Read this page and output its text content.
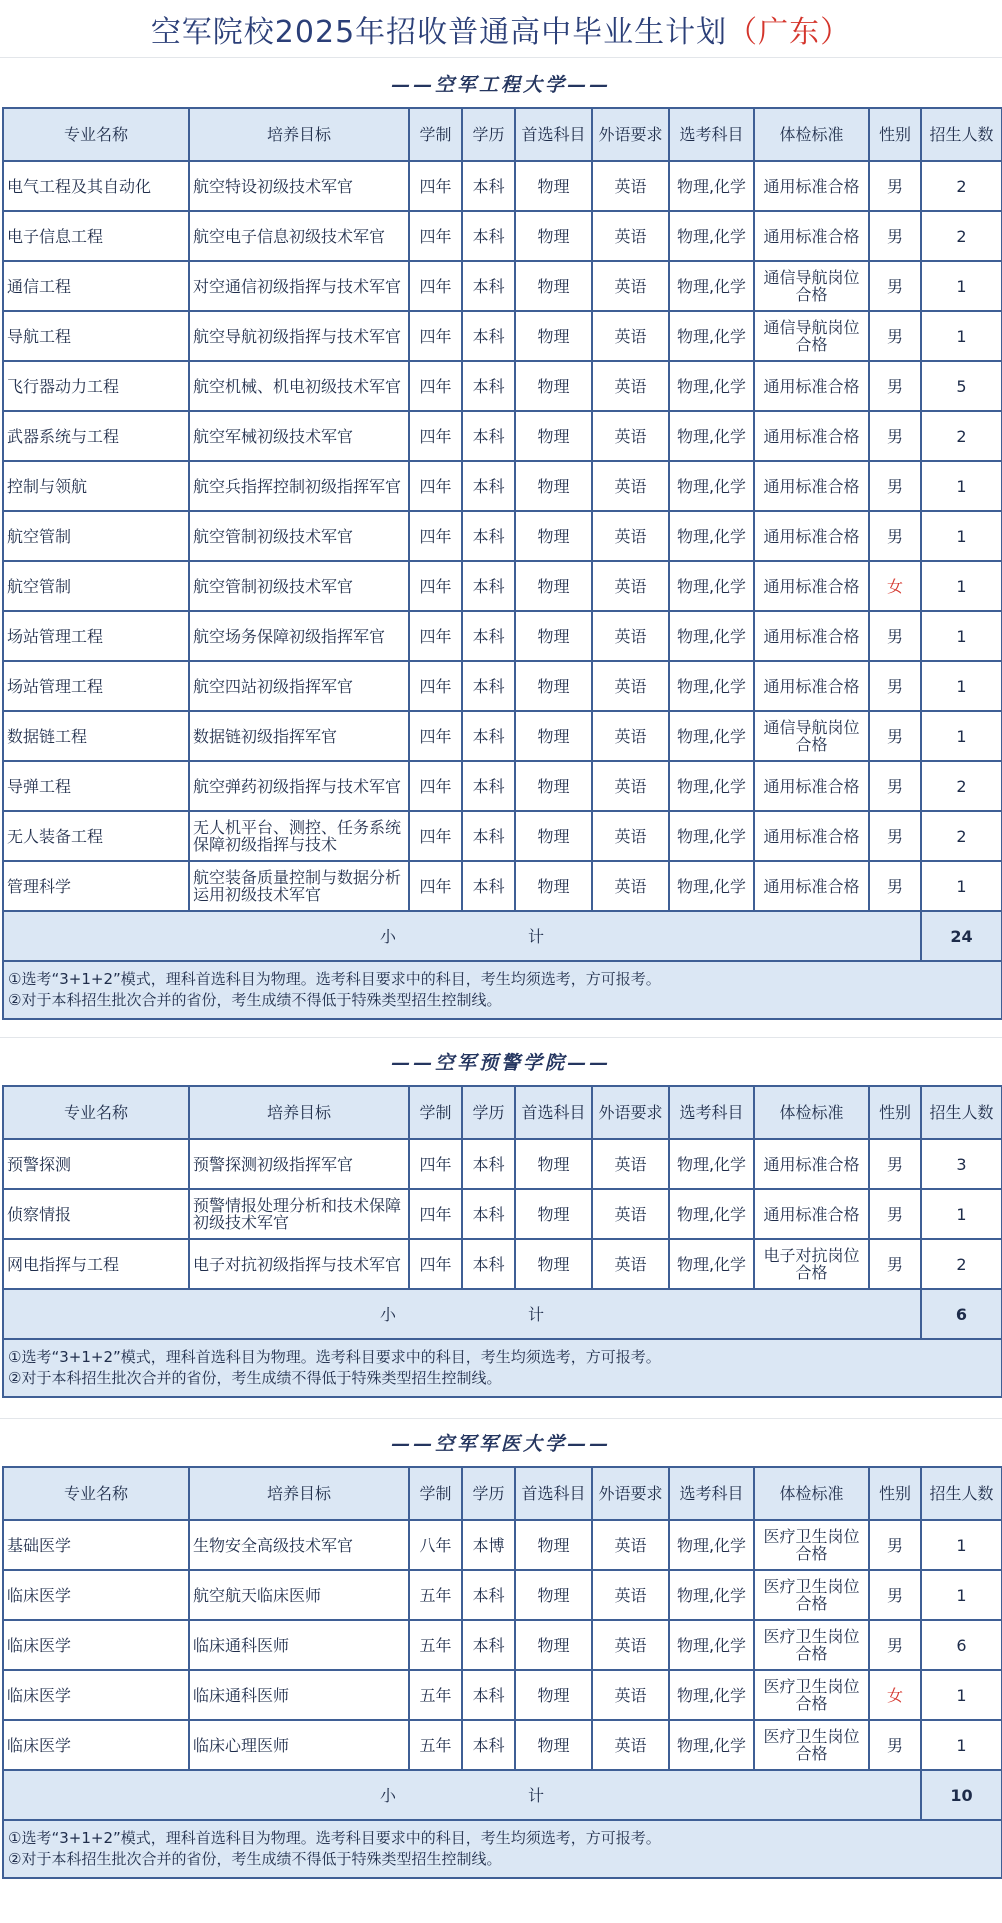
空军院校2025年招收普通高中毕业生计划 （广东）
——空军工程大学——
专业名称	培养目标	学制	学历	首选科目	外语要求	选考科目	体检标准	性别	招生人数
电气工程及其自动化	航空特设初级技术军官	四年	本科	物理	英语	物理,化学	通用标准合格	男	2
电子信息工程	航空电子信息初级技术军官	四年	本科	物理	英语	物理,化学	通用标准合格	男	2
通信工程	对空通信初级指挥与技术军官	四年	本科	物理	英语	物理,化学	通信导航岗位合格	男	1
导航工程	航空导航初级指挥与技术军官	四年	本科	物理	英语	物理,化学	通信导航岗位合格	男	1
飞行器动力工程	航空机械、机电初级技术军官	四年	本科	物理	英语	物理,化学	通用标准合格	男	5
武器系统与工程	航空军械初级技术军官	四年	本科	物理	英语	物理,化学	通用标准合格	男	2
控制与领航	航空兵指挥控制初级指挥军官	四年	本科	物理	英语	物理,化学	通用标准合格	男	1
航空管制	航空管制初级技术军官	四年	本科	物理	英语	物理,化学	通用标准合格	男	1
航空管制	航空管制初级技术军官	四年	本科	物理	英语	物理,化学	通用标准合格	女	1
场站管理工程	航空场务保障初级指挥军官	四年	本科	物理	英语	物理,化学	通用标准合格	男	1
场站管理工程	航空四站初级指挥军官	四年	本科	物理	英语	物理,化学	通用标准合格	男	1
数据链工程	数据链初级指挥军官	四年	本科	物理	英语	物理,化学	通信导航岗位合格	男	1
导弹工程	航空弹药初级指挥与技术军官	四年	本科	物理	英语	物理,化学	通用标准合格	男	2
无人装备工程	无人机平台、测控、任务系统保障初级指挥与技术	四年	本科	物理	英语	物理,化学	通用标准合格	男	2
管理科学	航空装备质量控制与数据分析运用初级技术军官	四年	本科	物理	英语	物理,化学	通用标准合格	男	1
小 计									24

①选考“3+1+2”模式，理科首选科目为物理。选考科目要求中的科目，考生均须选考，方可报考。
②对于本科招生批次合并的省份，考生成绩不得低于特殊类型招生控制线。									
——空军预警学院——
专业名称	培养目标	学制	学历	首选科目	外语要求	选考科目	体检标准	性别	招生人数
预警探测	预警探测初级指挥军官	四年	本科	物理	英语	物理,化学	通用标准合格	男	3
侦察情报	预警情报处理分析和技术保障初级技术军官	四年	本科	物理	英语	物理,化学	通用标准合格	男	1
网电指挥与工程	电子对抗初级指挥与技术军官	四年	本科	物理	英语	物理,化学	电子对抗岗位合格	男	2
小 计									6

①选考“3+1+2”模式，理科首选科目为物理。选考科目要求中的科目，考生均须选考，方可报考。
②对于本科招生批次合并的省份，考生成绩不得低于特殊类型招生控制线。									
——空军军医大学——
专业名称	培养目标	学制	学历	首选科目	外语要求	选考科目	体检标准	性别	招生人数
基础医学	生物安全高级技术军官	八年	本博	物理	英语	物理,化学	医疗卫生岗位合格	男	1
临床医学	航空航天临床医师	五年	本科	物理	英语	物理,化学	医疗卫生岗位合格	男	1
临床医学	临床通科医师	五年	本科	物理	英语	物理,化学	医疗卫生岗位合格	男	6
临床医学	临床通科医师	五年	本科	物理	英语	物理,化学	医疗卫生岗位合格	女	1
临床医学	临床心理医师	五年	本科	物理	英语	物理,化学	医疗卫生岗位合格	男	1
小 计									10

①选考“3+1+2”模式，理科首选科目为物理。选考科目要求中的科目，考生均须选考，方可报考。
②对于本科招生批次合并的省份，考生成绩不得低于特殊类型招生控制线。									
